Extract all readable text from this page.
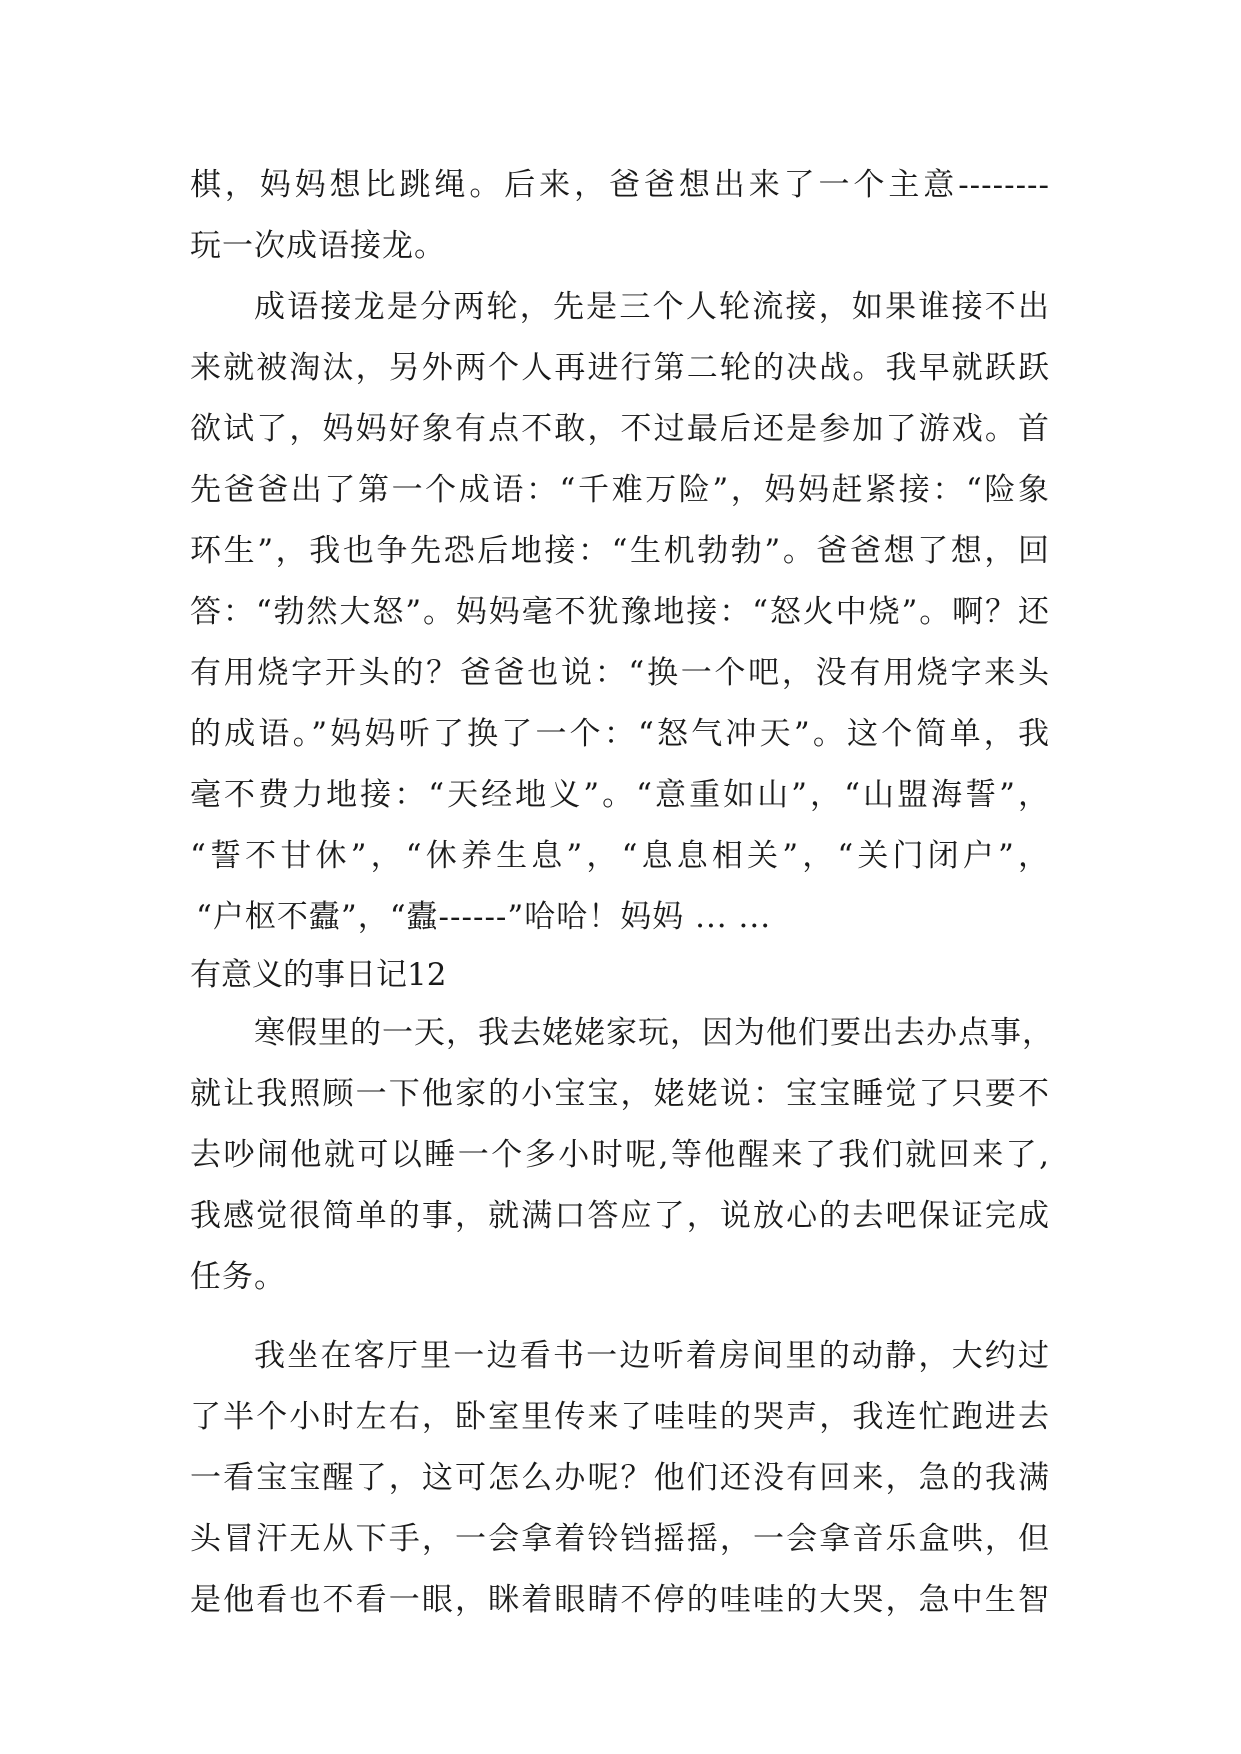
棋，妈妈想比跳绳。后来，爸爸想出来了一个主意--------
玩一次成语接龙。
成语接龙是分两轮，先是三个人轮流接，如果谁接不出
来就被淘汰，另外两个人再进行第二轮的决战。我早就跃跃
欲试了，妈妈好象有点不敢，不过最后还是参加了游戏。首
先爸爸出了第一个成语：“千难万险”，妈妈赶紧接：“险象
环生”，我也争先恐后地接：“生机勃勃”。爸爸想了想，回
答：“勃然大怒”。妈妈毫不犹豫地接：“怒火中烧”。啊？还
有用烧字开头的？爸爸也说：“换一个吧，没有用烧字来头
的成语。”妈妈听了换了一个：“怒气冲天”。这个简单，我
毫不费力地接：“天经地义”。“意重如山”，“山盟海誓”，
“誓不甘休”，“休养生息”，“息息相关”，“关门闭户”，
“户枢不蠹”，“蠹------”哈哈！妈妈 ... ...
有意义的事日记12
寒假里的一天，我去姥姥家玩，因为他们要出去办点事，
就让我照顾一下他家的小宝宝，姥姥说：宝宝睡觉了只要不
去吵闹他就可以睡一个多小时呢,等他醒来了我们就回来了,
我感觉很简单的事，就满口答应了，说放心的去吧保证完成
任务。
我坐在客厅里一边看书一边听着房间里的动静，大约过
了半个小时左右，卧室里传来了哇哇的哭声，我连忙跑进去
一看宝宝醒了，这可怎么办呢？他们还没有回来，急的我满
头冒汗无从下手，一会拿着铃铛摇摇，一会拿音乐盒哄，但
是他看也不看一眼，眯着眼睛不停的哇哇的大哭，急中生智
